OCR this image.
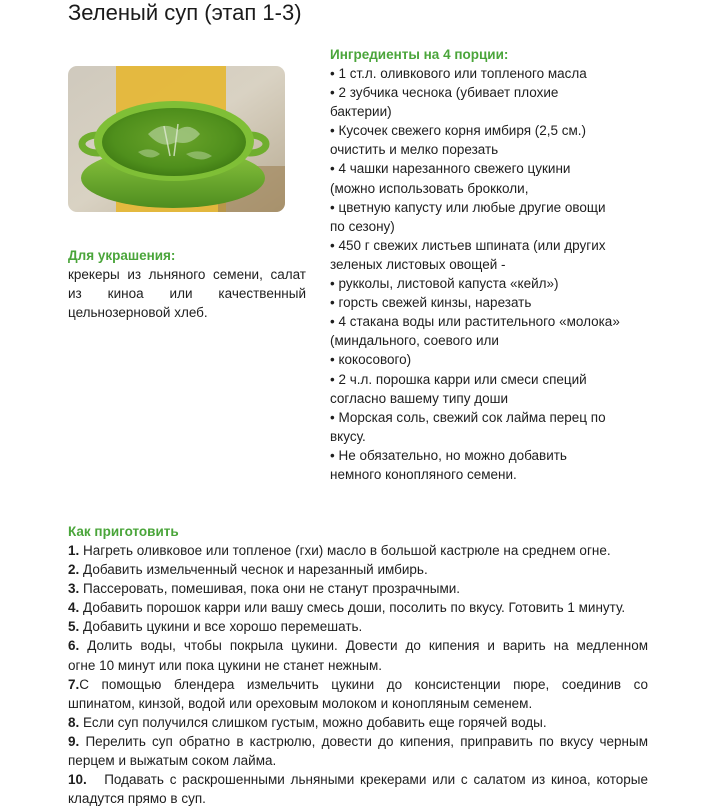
Зеленый суп (этап 1-3)

Для украшения:

крекеры из льняного семени, салат из киноа или качественный цельнозерновой хлеб.

Ингредиенты на 4 порции:

• 1 ст.л. оливкового или топленого масла

• 2 зубчика чеснока (убивает плохие

бактерии)

• Кусочек свежего корня имбиря (2,5 см.)

очистить и мелко порезать

• 4 чашки нарезанного свежего цукини

(можно использовать брокколи,

• цветную капусту или любые другие овощи

по сезону)

• 450 г свежих листьев шпината (или других

зеленых листовых овощей -

• рукколы, листовой капуста «кейл»)

• горсть свежей кинзы, нарезать

• 4 стакана воды или растительного «молока»

(миндального, соевого или

• кокосового)

• 2 ч.л. порошка карри или смеси специй

согласно вашему типу доши

• Морская соль, свежий сок лайма перец по

вкусу.

• Не обязательно, но можно добавить

немного конопляного семени.

Как приготовить

1. Нагреть оливковое или топленое (гхи) масло в большой кастрюле на среднем огне.

2. Добавить измельченный чеснок и нарезанный имбирь.

3. Пассеровать, помешивая, пока они не станут прозрачными.

4. Добавить порошок карри или вашу смесь доши, посолить по вкусу. Готовить 1 минуту.

5. Добавить цукини и все хорошо перемешать.

6. Долить воды, чтобы покрыла цукини. Довести до кипения и варить на медленном
огне 10 минут или пока цукини не станет нежным.

7.С помощью блендера измельчить цукини до консистенции пюре, соединив со
шпинатом, кинзой, водой или ореховым молоком и конопляным семенем.

8. Если суп получился слишком густым, можно добавить еще горячей воды.

9. Перелить суп обратно в кастрюлю, довести до кипения, приправить по вкусу черным
перцем и выжатым соком лайма.

10. Подавать с раскрошенными льняными крекерами или с салатом из киноа, которые
кладутся прямо в суп.
